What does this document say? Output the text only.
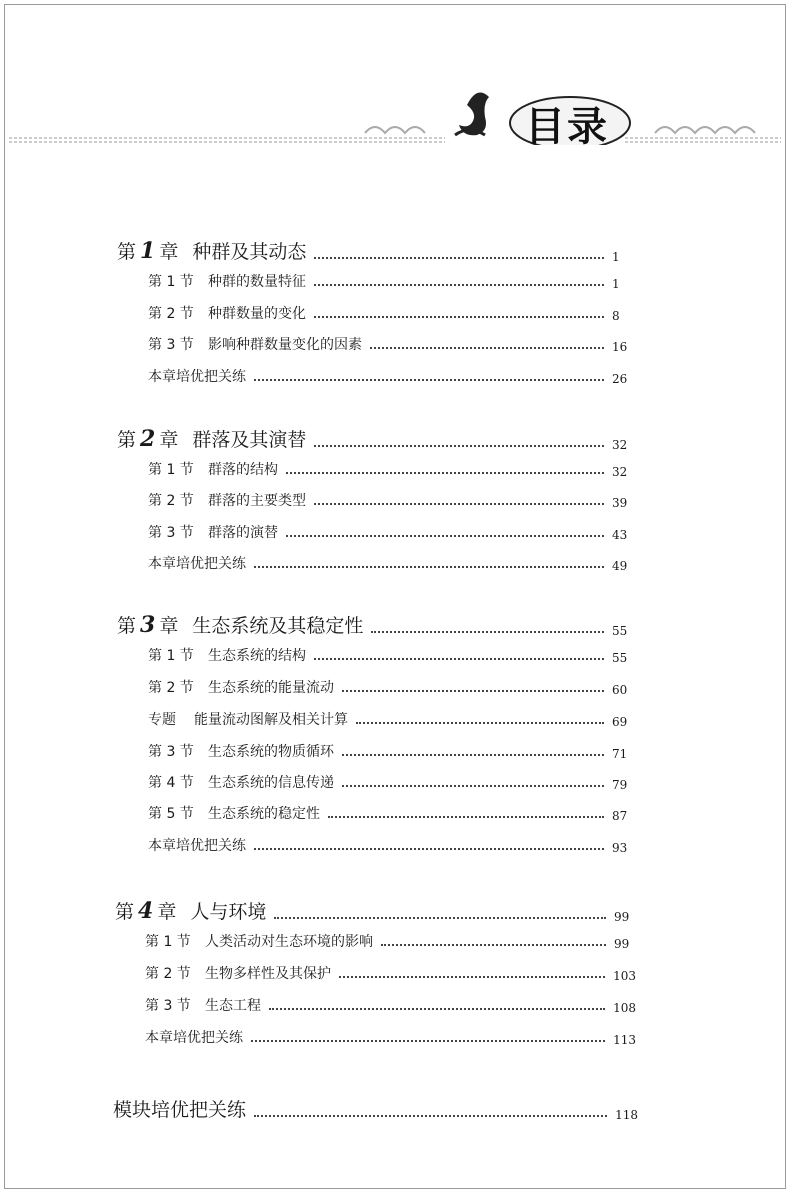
目录
第 1 章 种群及其动态	1
第 1 节 种群的数量特征	1
第 2 节 种群数量的变化	8
第 3 节 影响种群数量变化的因素	16
本章培优把关练	26
第 2 章 群落及其演替	32
第 1 节 群落的结构	32
第 2 节 群落的主要类型	39
第 3 节 群落的演替	43
本章培优把关练	49
第 3 章 生态系统及其稳定性	55
第 1 节 生态系统的结构	55
第 2 节 生态系统的能量流动	60
专题 能量流动图解及相关计算	69
第 3 节 生态系统的物质循环	71
第 4 节 生态系统的信息传递	79
第 5 节 生态系统的稳定性	87
本章培优把关练	93
第 4 章 人与环境	99
第 1 节 人类活动对生态环境的影响	99
第 2 节 生物多样性及其保护	103
第 3 节 生态工程	108
本章培优把关练	113
模块培优把关练	118
